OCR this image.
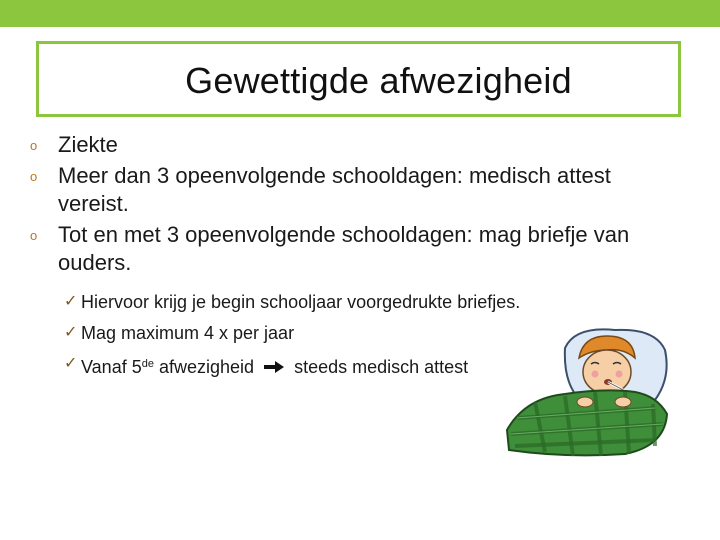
Gewettigde afwezigheid
o Ziekte
o Meer dan 3 opeenvolgende schooldagen: medisch attest vereist.
o Tot en met 3 opeenvolgende schooldagen: mag briefje van ouders.
✓ Hiervoor krijg je begin schooljaar voorgedrukte briefjes.
✓ Mag maximum 4 x per jaar
✓ Vanaf 5de afwezigheid steeds medisch attest
